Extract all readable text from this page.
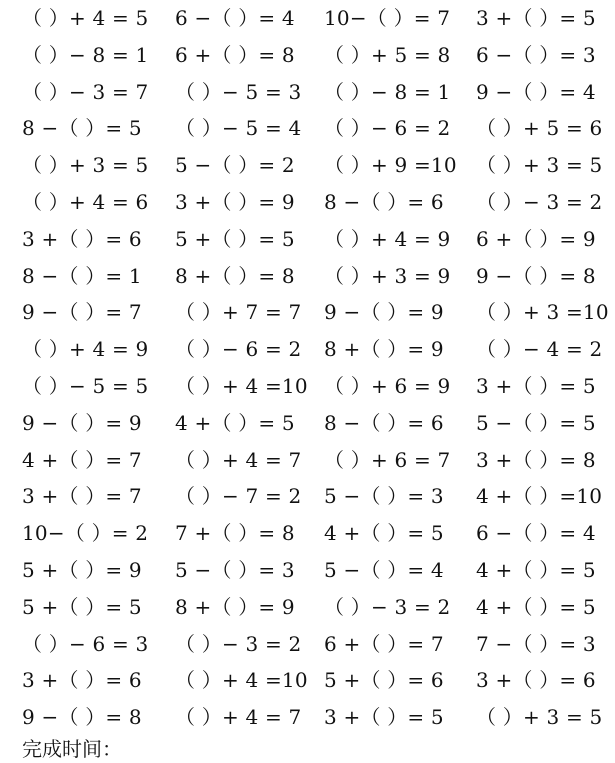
（ ）+ 4 = 5 6 −（ ）= 4 10−（ ）= 7 3 +（ ）= 5
（ ）− 8 = 1 6 +（ ）= 8 （ ）+ 5 = 8 6 −（ ）= 3
（ ）− 3 = 7 （ ）− 5 = 3 （ ）− 8 = 1 9 −（ ）= 4
8 −（ ）= 5 （ ）− 5 = 4 （ ）− 6 = 2 （ ）+ 5 = 6
（ ）+ 3 = 5 5 −（ ）= 2 （ ）+ 9 =10 （ ）+ 3 = 5
（ ）+ 4 = 6 3 +（ ）= 9 8 −（ ）= 6 （ ）− 3 = 2
3 +（ ）= 6 5 +（ ）= 5 （ ）+ 4 = 9 6 +（ ）= 9
8 −（ ）= 1 8 +（ ）= 8 （ ）+ 3 = 9 9 −（ ）= 8
9 −（ ）= 7 （ ）+ 7 = 7 9 −（ ）= 9 （ ）+ 3 =10
（ ）+ 4 = 9 （ ）− 6 = 2 8 +（ ）= 9 （ ）− 4 = 2
（ ）− 5 = 5 （ ）+ 4 =10 （ ）+ 6 = 9 3 +（ ）= 5
9 −（ ）= 9 4 +（ ）= 5 8 −（ ）= 6 5 −（ ）= 5
4 +（ ）= 7 （ ）+ 4 = 7 （ ）+ 6 = 7 3 +（ ）= 8
3 +（ ）= 7 （ ）− 7 = 2 5 −（ ）= 3 4 +（ ）=10
10−（ ）= 2 7 +（ ）= 8 4 +（ ）= 5 6 −（ ）= 4
5 +（ ）= 9 5 −（ ）= 3 5 −（ ）= 4 4 +（ ）= 5
5 +（ ）= 5 8 +（ ）= 9 （ ）− 3 = 2 4 +（ ）= 5
（ ）− 6 = 3 （ ）− 3 = 2 6 +（ ）= 7 7 −（ ）= 3
3 +（ ）= 6 （ ）+ 4 =10 5 +（ ）= 6 3 +（ ）= 6
9 −（ ）= 8 （ ）+ 4 = 7 3 +（ ）= 5 （ ）+ 3 = 5
完成时间：
